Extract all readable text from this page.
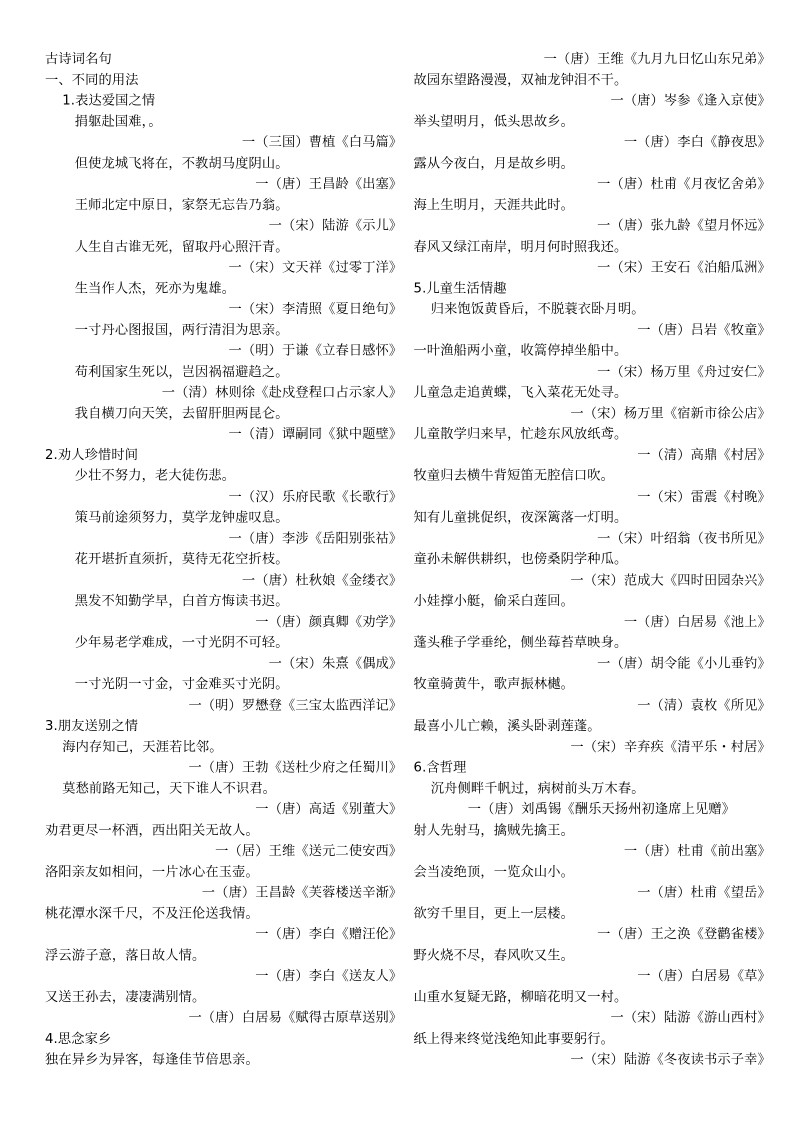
古诗词名句
一、不同的用法
1.表达爱国之情
捐躯赴国难，。
一（三国）曹植《白马篇》
但使龙城飞将在，不教胡马度阴山。
一（唐）王昌龄《出塞》
王师北定中原日，家祭无忘告乃翁。
一（宋）陆游《示儿》
人生自古谁无死，留取丹心照汗青。
一（宋）文天祥《过零丁洋》
生当作人杰，死亦为鬼雄。
一（宋）李清照《夏日绝句》
一寸丹心图报国，两行清泪为思亲。
一（明）于谦《立春日感怀》
苟利国家生死以，岂因祸福避趋之。
一（清）林则徐《赴戍登程口占示家人》
我自横刀向天笑，去留肝胆两昆仑。
一（清）谭嗣同《狱中题壁》
2.劝人珍惜时间
少壮不努力，老大徒伤悲。
一（汉）乐府民歌《长歌行》
策马前途须努力，莫学龙钟虚叹息。
一（唐）李涉《岳阳别张祜》
花开堪折直须折，莫待无花空折枝。
一（唐）杜秋娘《金缕衣》
黑发不知勤学早，白首方悔读书迟。
一（唐）颜真卿《劝学》
少年易老学难成，一寸光阴不可轻。
一（宋）朱熹《偶成》
一寸光阴一寸金，寸金难买寸光阴。
一（明）罗懋登《三宝太监西洋记》
3.朋友送别之情
海内存知己，天涯若比邻。
一（唐）王勃《送杜少府之任蜀川》
莫愁前路无知己，天下谁人不识君。
一（唐）高适《别董大》
劝君更尽一杯酒，西出阳关无故人。
一（居）王维《送元二使安西》
洛阳亲友如相问，一片冰心在玉壶。
一（唐）王昌龄《芙蓉楼送辛渐》
桃花潭水深千尺，不及汪伦送我情。
一（唐）李白《赠汪伦》
浮云游子意，落日故人情。
一（唐）李白《送友人》
又送王孙去，凄凄满别情。
一（唐）白居易《赋得古原草送别》
4.思念家乡
独在异乡为异客，每逢佳节倍思亲。
一（唐）王维《九月九日忆山东兄弟》
故园东望路漫漫，双袖龙钟泪不干。
一（唐）岑参《逢入京使》
举头望明月，低头思故乡。
一（唐）李白《静夜思》
露从今夜白，月是故乡明。
一（唐）杜甫《月夜忆舍弟》
海上生明月，天涯共此时。
一（唐）张九龄《望月怀远》
春风又绿江南岸，明月何时照我还。
一（宋）王安石《泊船瓜洲》
5.儿童生活情趣
归来饱饭黄昏后，不脱蓑衣卧月明。
一（唐）吕岩《牧童》
一叶渔船两小童，收篙停掉坐船中。
一（宋）杨万里《舟过安仁》
儿童急走追黄蝶，飞入菜花无处寻。
一（宋）杨万里《宿新市徐公店》
儿童散学归来早，忙趁东风放纸鸢。
一（清）高鼎《村居》
牧童归去横牛背短笛无腔信口吹。
一（宋）雷震《村晚》
知有儿童挑促织，夜深篱落一灯明。
一（宋）叶绍翁（夜书所见》
童孙未解供耕织，也傍桑阴学种瓜。
一（宋）范成大《四时田园杂兴》
小娃撑小艇，偷采白莲回。
一（唐）白居易《池上》
蓬头稚子学垂纶，侧坐莓苔草映身。
一（唐）胡令能《小儿垂钓》
牧童骑黄牛，歌声振林樾。
一（清）袁枚《所见》
最喜小儿亡赖，溪头卧剥莲蓬。
一（宋）辛弃疾《清平乐・村居》
6.含哲理
沉舟侧畔千帆过，病树前头万木春。
一（唐）刘禹锡《酬乐天扬州初逢席上见赠》
射人先射马，擒贼先擒王。
一（唐）杜甫《前出塞》
会当凌绝顶，一览众山小。
一（唐）杜甫《望岳》
欲穷千里目，更上一层楼。
一（唐）王之涣《登鹳雀楼》
野火烧不尽，春风吹又生。
一（唐）白居易《草》
山重水复疑无路，柳暗花明又一村。
一（宋）陆游《游山西村》
纸上得来终觉浅绝知此事要躬行。
一（宋）陆游《冬夜读书示子幸》
